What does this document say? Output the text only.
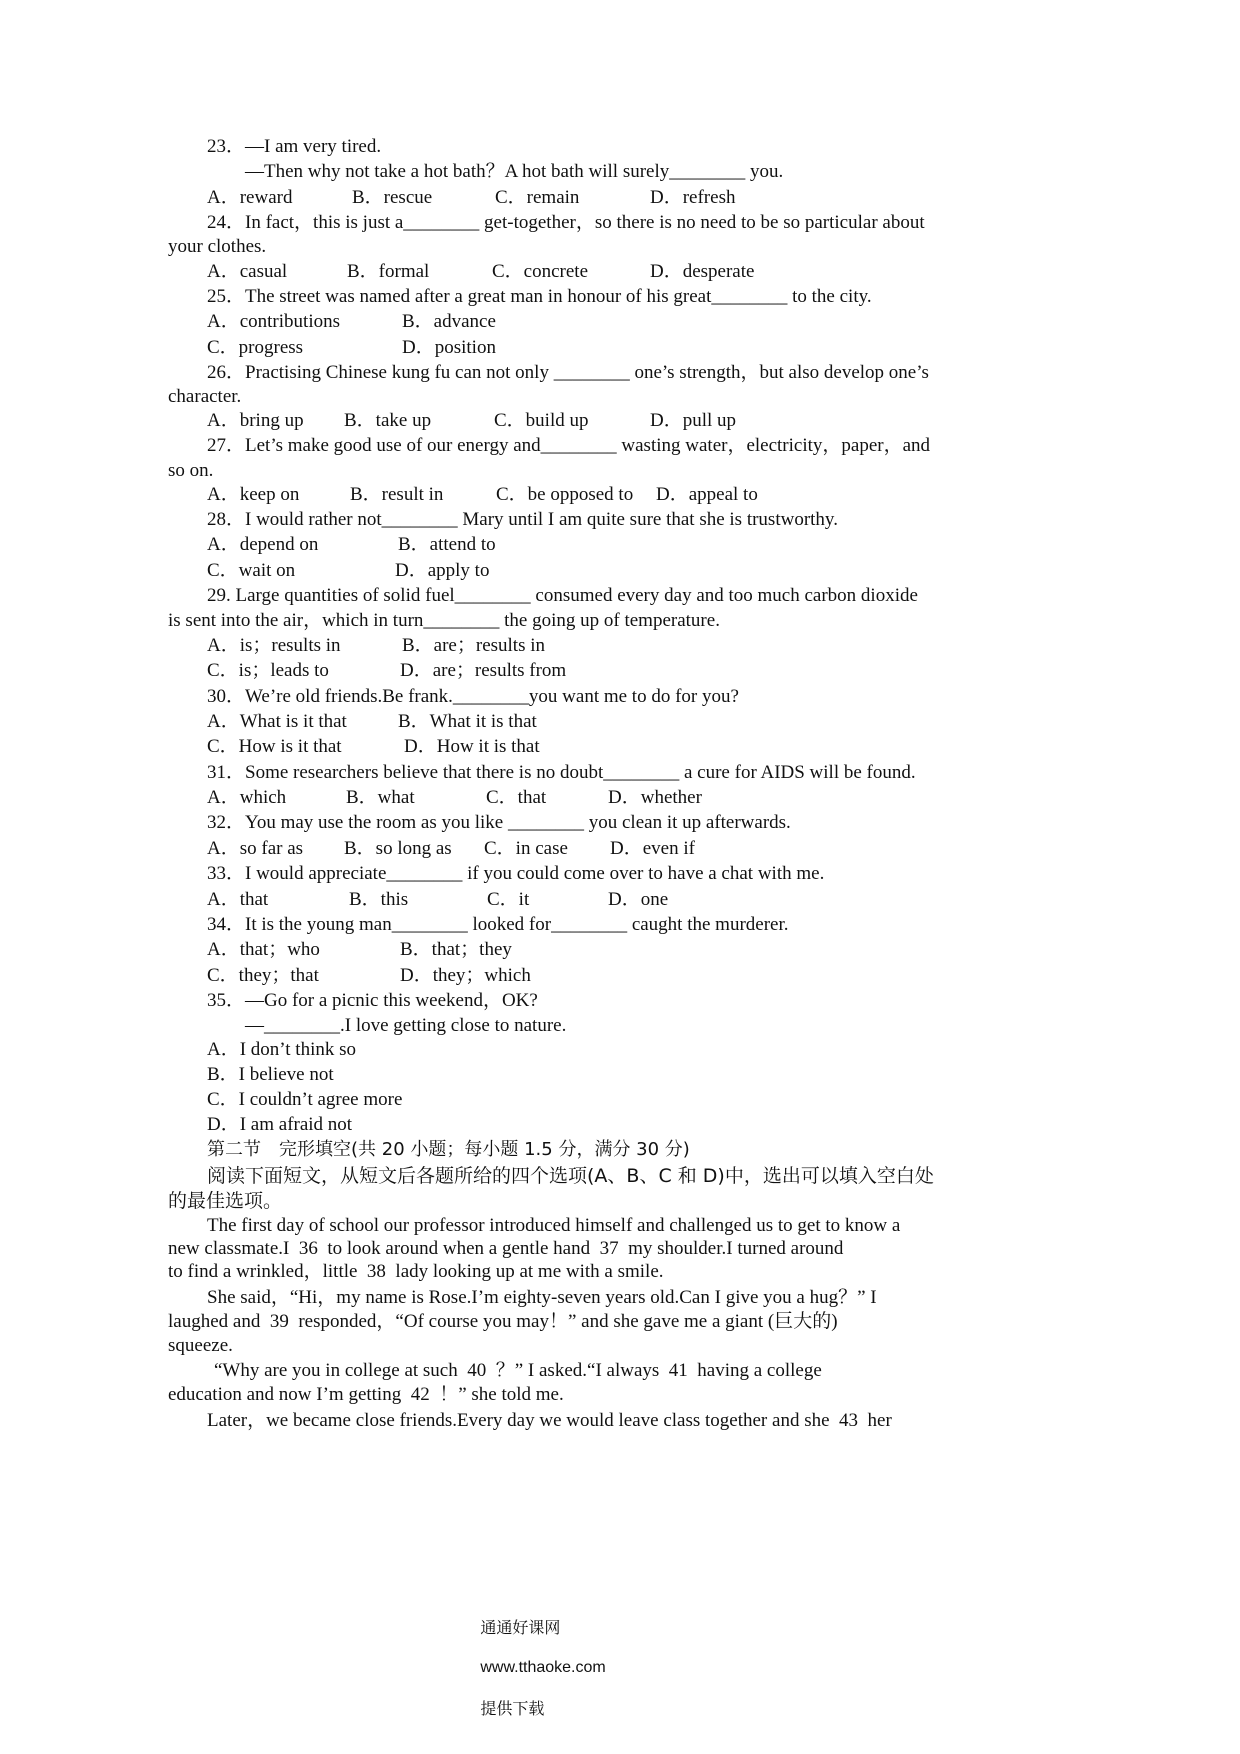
23．—I am very tired.
—Then why not take a hot bath？A hot bath will surely________ you.
A．reward	B．rescue	C．remain	D．refresh
24．In fact，this is just a________ get-together，so there is no need to be so particular about
your clothes.
A．casual	B．formal	C．concrete	D．desperate
25．The street was named after a great man in honour of his great________ to the city.
A．contributions	B．advance
C．progress	D．position
26．Practising Chinese kung fu can not only ________ one’s strength，but also develop one’s
character.
A．bring up B．take up	C．build up	D．pull up
27．Let’s make good use of our energy and________ wasting water，electricity，paper，and
so on.
A．keep on	B．result in	C．be opposed to D．appeal to
28．I would rather not________ Mary until I am quite sure that she is trustworthy.
A．depend on	B．attend to
C．wait on	D．apply to
29. Large quantities of solid fuel________ consumed every day and too much carbon dioxide
is sent into the air，which in turn________ the going up of temperature.
A．is；results in	B．are；results in
C．is；leads to	D．are；results from
30．We’re old friends.Be frank.________you want me to do for you?
A．What is it that	B．What it is that
C．How is it that	D．How it is that
31．Some researchers believe that there is no doubt________ a cure for AIDS will be found.
A．which	B．what	C．that	D．whether
32．You may use the room as you like ________ you clean it up afterwards.
A．so far as B．so long as C．in case D．even if
33．I would appreciate________ if you could come over to have a chat with me.
A．that	B．this	C．it	D．one
34．It is the young man________ looked for________ caught the murderer.
A．that；who	B．that；they
C．they；that	D．they；which
35．—Go for a picnic this weekend，OK?
—________.I love getting close to nature.
A．I don’t think so
B．I believe not
C．I couldn’t agree more
D．I am afraid not
第二节　完形填空(共 20 小题；每小题 1.5 分，满分 30 分)
阅读下面短文，从短文后各题所给的四个选项(A、B、C 和 D)中，选出可以填入空白处
的最佳选项。
The first day of school our professor introduced himself and challenged us to get to know a
new classmate.I  36  to look around when a gentle hand  37  my shoulder.I turned around
to find a wrinkled，little  38  lady looking up at me with a smile.
She said，“Hi，my name is Rose.I’m eighty-seven years old.Can I give you a hug？” I
laughed and  39  responded，“Of course you may！” and she gave me a giant (巨大的)
squeeze.
“Why are you in college at such  40  ？” I asked.“I always  41  having a college
education and now I’m getting  42  ！” she told me.
Later，we became close friends.Every day we would leave class together and she  43  her

通通好课网

www.tthaoke.com

提供下载
